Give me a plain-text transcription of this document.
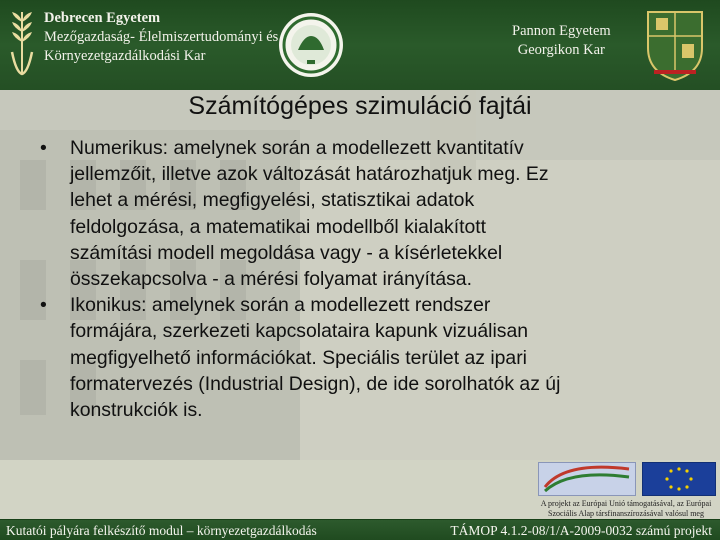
Debrecen Egyetem
Mezőgazdaság- Élelmiszertudományi és
Környezetgazdálkodási Kar
Pannon Egyetem
Georgikon Kar
Számítógépes szimuláció fajtái
• Numerikus: amelynek során a modellezett kvantitatív
jellemzőit, illetve azok változását határozhatjuk meg. Ez
lehet a mérési, megfigyelési, statisztikai adatok
feldolgozása, a matematikai modellből kialakított
számítási modell megoldása vagy - a kísérletekkel
összekapcsolva - a mérési folyamat irányítása.
• Ikonikus: amelynek során a modellezett rendszer
formájára, szerkezeti kapcsolataira kapunk vizuálisan
megfigyelhető információkat. Speciális terület az ipari
formatervezés (Industrial Design), de ide sorolhatók az új
konstrukciók is.
A projekt az Európai Unió támogatásával, az Európai
Szociális Alap társfinanszírozásával valósul meg
Kutatói pályára felkészítő modul – környezetgazdálkodás	TÁMOP 4.1.2-08/1/A-2009-0032 számú projekt
